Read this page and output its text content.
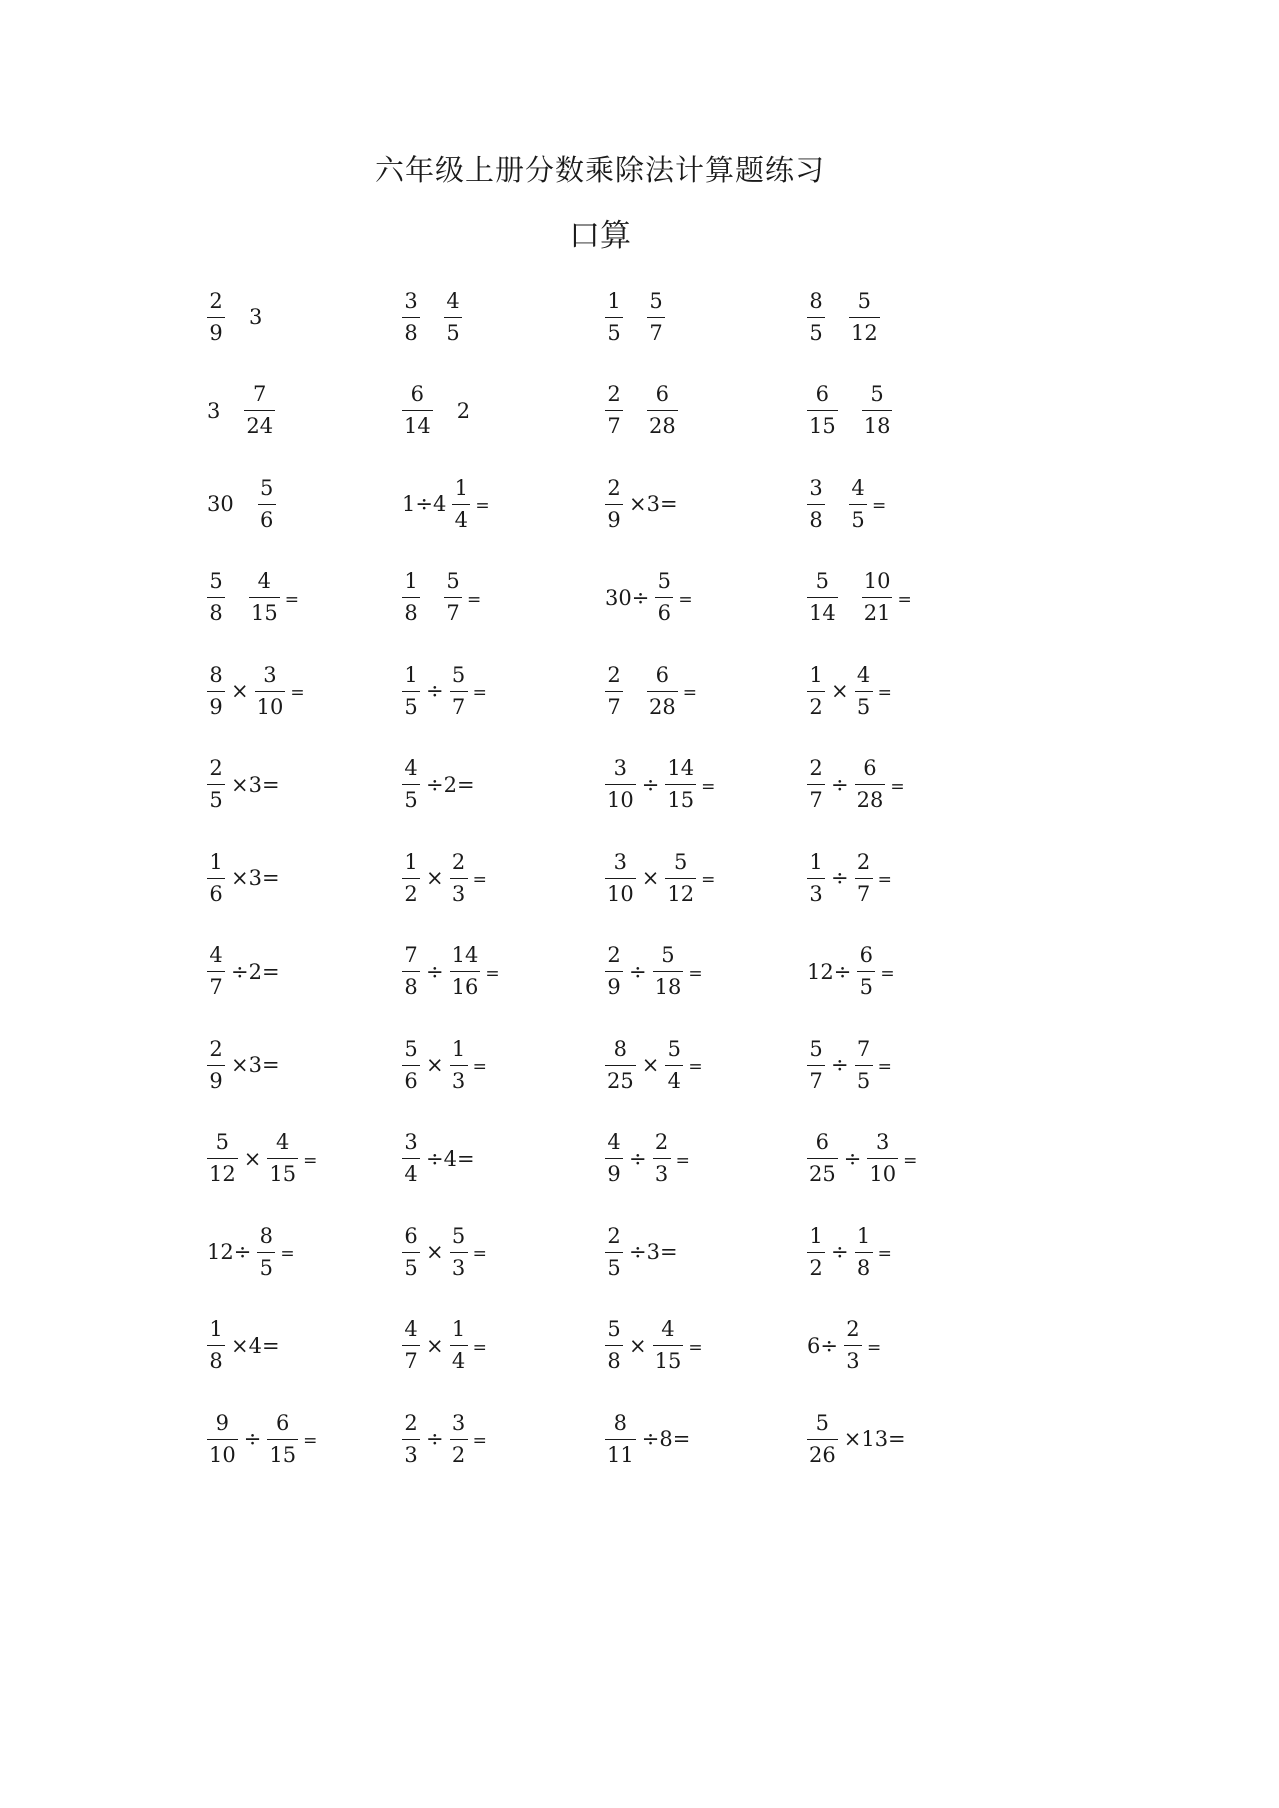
六年级上册分数乘除法计算题练习
口算
$\frac{2}{9} 3$	$\frac{3}{8} \frac{4}{5}$	$\frac{1}{5} \frac{5}{7}$	$\frac{8}{5} \frac{5}{12}$
$3 \frac{7}{24}$	$\frac{6}{14} 2$	$\frac{2}{7} \frac{6}{28}$	$\frac{6}{15} \frac{5}{18}$
$30 \frac{5}{6}$	$1\div 4 \frac{1}{4}$ =	$\frac{2}{9} \times 3=$	$\frac{3}{8} \frac{4}{5}$ =
$\frac{5}{8} \frac{4}{15}$ =	$\frac{1}{8} \frac{5}{7}$ =	$30\div \frac{5}{6}$ =	$\frac{5}{14} \frac{10}{21}$ =
$\frac{8}{9} \times \frac{3}{10}$ =	$\frac{1}{5} \div \frac{5}{7}$ =	$\frac{2}{7} \frac{6}{28}$ =	$\frac{1}{2} \times \frac{4}{5}$ =
$\frac{2}{5} \times 3=$	$\frac{4}{5} \div 2=$	$\frac{3}{10} \div \frac{14}{15}$ =	$\frac{2}{7} \div \frac{6}{28}$ =
$\frac{1}{6} \times 3=$	$\frac{1}{2} \times \frac{2}{3}$ =	$\frac{3}{10} \times \frac{5}{12}$ =	$\frac{1}{3} \div \frac{2}{7}$ =
$\frac{4}{7} \div 2=$	$\frac{7}{8} \div \frac{14}{16}$ =	$\frac{2}{9} \div \frac{5}{18}$ =	$12\div \frac{6}{5}$ =
$\frac{2}{9} \times 3=$	$\frac{5}{6} \times \frac{1}{3}$ =	$\frac{8}{25} \times \frac{5}{4}$ =	$\frac{5}{7} \div \frac{7}{5}$ =
$\frac{5}{12} \times \frac{4}{15}$ =	$\frac{3}{4} \div 4=$	$\frac{4}{9} \div \frac{2}{3}$ =	$\frac{6}{25} \div \frac{3}{10}$ =
$12\div \frac{8}{5}$ =	$\frac{6}{5} \times \frac{5}{3}$ =	$\frac{2}{5} \div 3=$	$\frac{1}{2} \div \frac{1}{8}$ =
$\frac{1}{8} \times 4=$	$\frac{4}{7} \times \frac{1}{4}$ =	$\frac{5}{8} \times \frac{4}{15}$ =	$6\div \frac{2}{3}$ =
$\frac{9}{10} \div \frac{6}{15}$ =	$\frac{2}{3} \div \frac{3}{2}$ =	$\frac{8}{11} \div 8=$	$\frac{5}{26} \times 13=$
